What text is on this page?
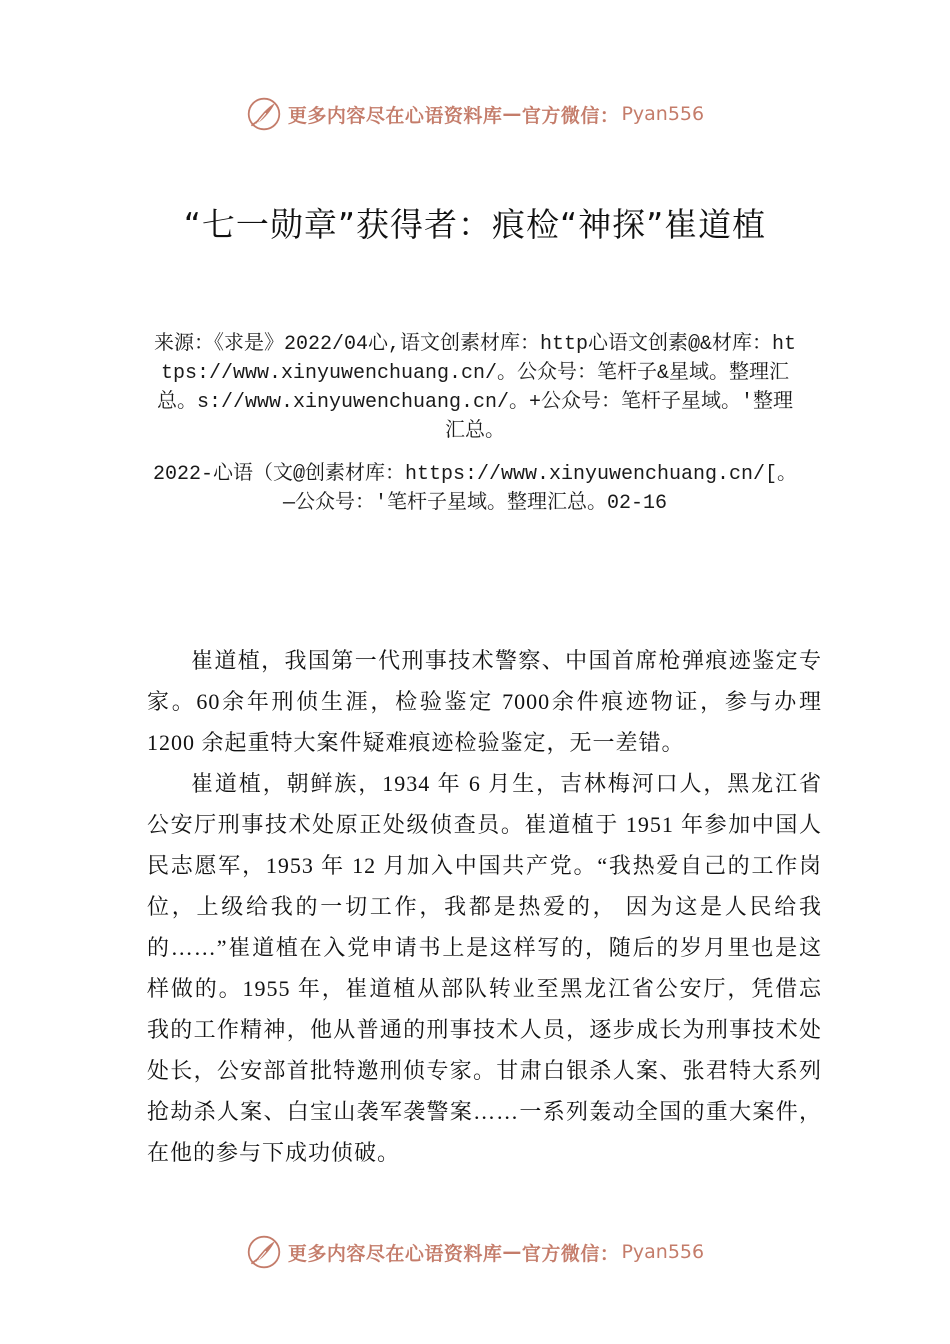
更多内容尽在心语资料库 — 官方微信： Pyan556
“七一勋章”获得者：痕检“神探”崔道植

来源：《求是》2022/04心,语文创素材库：http心语文创素@&材库：https://www.xinyuwenchuang.cn/。公众号：笔杆子&星域。整理汇总。s://www.xinyuwenchuang.cn/。+公众号：笔杆子星域。'整理汇总。

2022-心语（文@创素材库：https://www.xinyuwenchuang.cn/[。—公众号：'笔杆子星域。整理汇总。02-16

崔道植，我国第一代刑事技术警察、中国首席枪弹痕迹鉴定专家。60余年刑侦生涯，检验鉴定 7000余件痕迹物证，参与办理 1200 余起重特大案件疑难痕迹检验鉴定，无一差错。

崔道植，朝鲜族，1934 年 6 月生，吉林梅河口人，黑龙江省公安厅刑事技术处原正处级侦查员。崔道植于 1951 年参加中国人民志愿军，1953 年 12 月加入中国共产党。“我热爱自己的工作岗位，上级给我的一切工作，我都是热爱的， 因为这是人民给我的……”崔道植在入党申请书上是这样写的，随后的岁月里也是这样做的。1955 年，崔道植从部队转业至黑龙江省公安厅，凭借忘我的工作精神，他从普通的刑事技术人员，逐步成长为刑事技术处处长，公安部首批特邀刑侦专家。甘肃白银杀人案、张君特大系列抢劫杀人案、白宝山袭军袭警案……一系列轰动全国的重大案件，在他的参与下成功侦破。

更多内容尽在心语资料库 — 官方微信： Pyan556
